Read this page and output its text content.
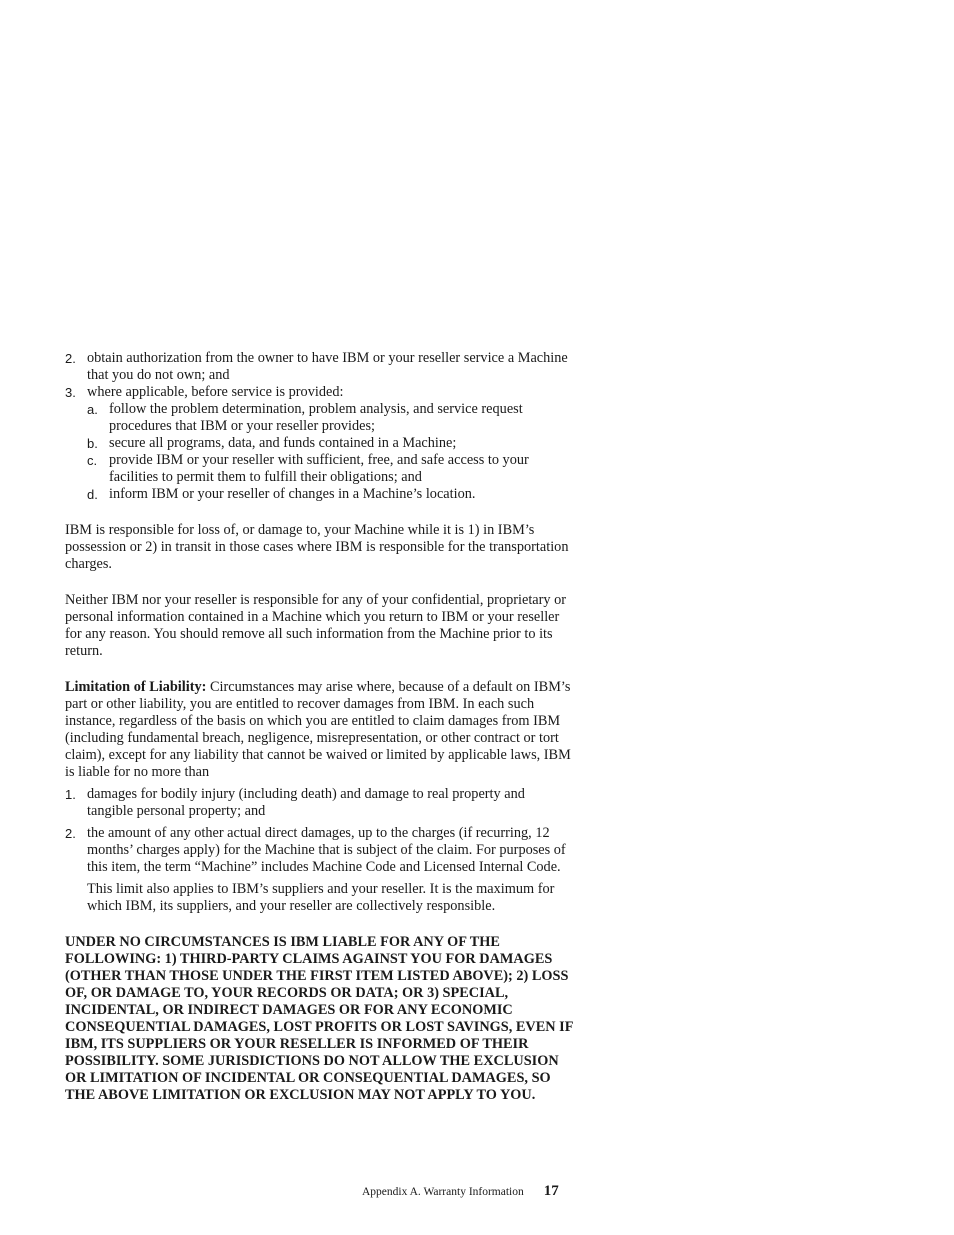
2. obtain authorization from the owner to have IBM or your reseller service a Machine that you do not own; and
3. where applicable, before service is provided:
a. follow the problem determination, problem analysis, and service request procedures that IBM or your reseller provides;
b. secure all programs, data, and funds contained in a Machine;
c. provide IBM or your reseller with sufficient, free, and safe access to your facilities to permit them to fulfill their obligations; and
d. inform IBM or your reseller of changes in a Machine’s location.

IBM is responsible for loss of, or damage to, your Machine while it is 1) in IBM’s possession or 2) in transit in those cases where IBM is responsible for the transportation charges.

Neither IBM nor your reseller is responsible for any of your confidential, proprietary or personal information contained in a Machine which you return to IBM or your reseller for any reason. You should remove all such information from the Machine prior to its return.

Limitation of Liability: Circumstances may arise where, because of a default on IBM’s part or other liability, you are entitled to recover damages from IBM. In each such instance, regardless of the basis on which you are entitled to claim damages from IBM (including fundamental breach, negligence, misrepresentation, or other contract or tort claim), except for any liability that cannot be waived or limited by applicable laws, IBM is liable for no more than

1. damages for bodily injury (including death) and damage to real property and tangible personal property; and
2. the amount of any other actual direct damages, up to the charges (if recurring, 12 months’ charges apply) for the Machine that is subject of the claim. For purposes of this item, the term “Machine” includes Machine Code and Licensed Internal Code.
This limit also applies to IBM’s suppliers and your reseller. It is the maximum for which IBM, its suppliers, and your reseller are collectively responsible.

UNDER NO CIRCUMSTANCES IS IBM LIABLE FOR ANY OF THE FOLLOWING: 1) THIRD-PARTY CLAIMS AGAINST YOU FOR DAMAGES (OTHER THAN THOSE UNDER THE FIRST ITEM LISTED ABOVE); 2) LOSS OF, OR DAMAGE TO, YOUR RECORDS OR DATA; OR 3) SPECIAL, INCIDENTAL, OR INDIRECT DAMAGES OR FOR ANY ECONOMIC CONSEQUENTIAL DAMAGES, LOST PROFITS OR LOST SAVINGS, EVEN IF IBM, ITS SUPPLIERS OR YOUR RESELLER IS INFORMED OF THEIR POSSIBILITY. SOME JURISDICTIONS DO NOT ALLOW THE EXCLUSION OR LIMITATION OF INCIDENTAL OR CONSEQUENTIAL DAMAGES, SO THE ABOVE LIMITATION OR EXCLUSION MAY NOT APPLY TO YOU.

Appendix A. Warranty Information 17
